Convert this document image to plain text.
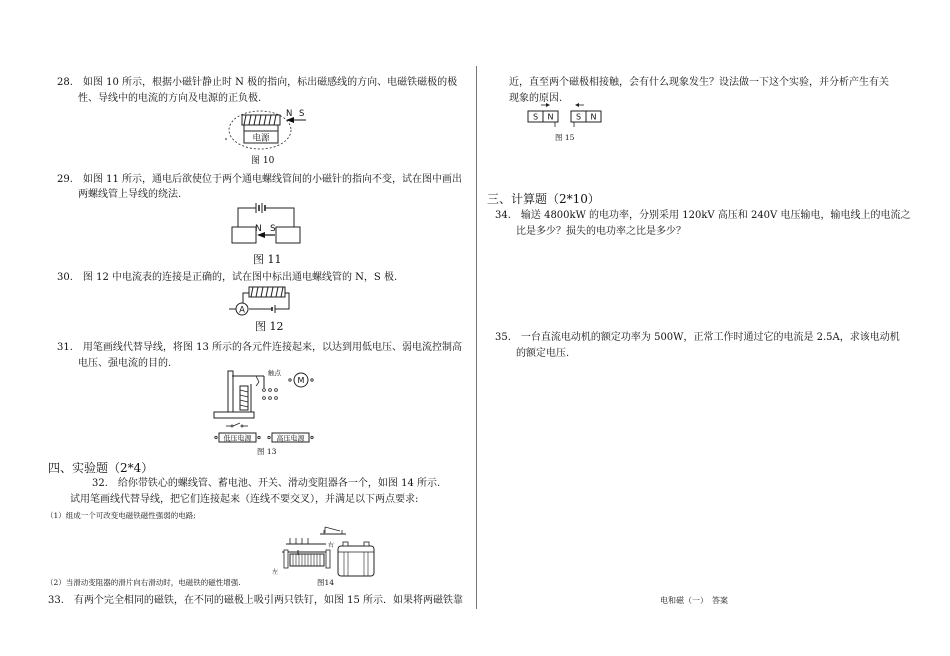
28.　如图 10 所示，根据小磁针静止时 N 极的指向，标出磁感线的方向、电磁铁磁极的极
性、导线中的电流的方向及电源的正负极.
电源
N S
图 10
29.　如图 11 所示，通电后欲使位于两个通电螺线管间的小磁针的指向不变，试在图中画出
两螺线管上导线的绕法.
N S
图 11
30.　图 12 中电流表的连接是正确的，试在图中标出通电螺线管的 N，S 极.
A
图 12
31.　用笔画线代替导线，将图 13 所示的各元件连接起来，以达到用低电压、弱电流控制高
电压、强电流的目的.
触点
M
低压电源	高压电源
图 13
四、实验题（2*4）
32.　给你带铁心的螺线管、蓄电池、开关、滑动变阻器各一个，如图 14 所示.
试用笔画线代替导线，把它们连接起来（连线不要交叉），并满足以下两点要求:
（1）组成一个可改变电磁铁磁性强弱的电路;
左
右
图14
（2）当滑动变阻器的滑片向右滑动时，电磁铁的磁性增强.
33.　有两个完全相同的磁铁，在不同的磁极上吸引两只铁钉，如图 15 所示．如果将两磁铁靠
近，直至两个磁极相接触，会有什么现象发生？设法做一下这个实验，并分析产生有关
现象的原因.
S N	S N
图 15
三、计算题（2*10）
34.　输送 4800kW 的电功率，分别采用 120kV 高压和 240V 电压输电，输电线上的电流之
比是多少？损失的电功率之比是多少？
35.　一台直流电动机的额定功率为 500W，正常工作时通过它的电流是 2.5A，求该电动机
的额定电压.
电和磁（一）　答案
